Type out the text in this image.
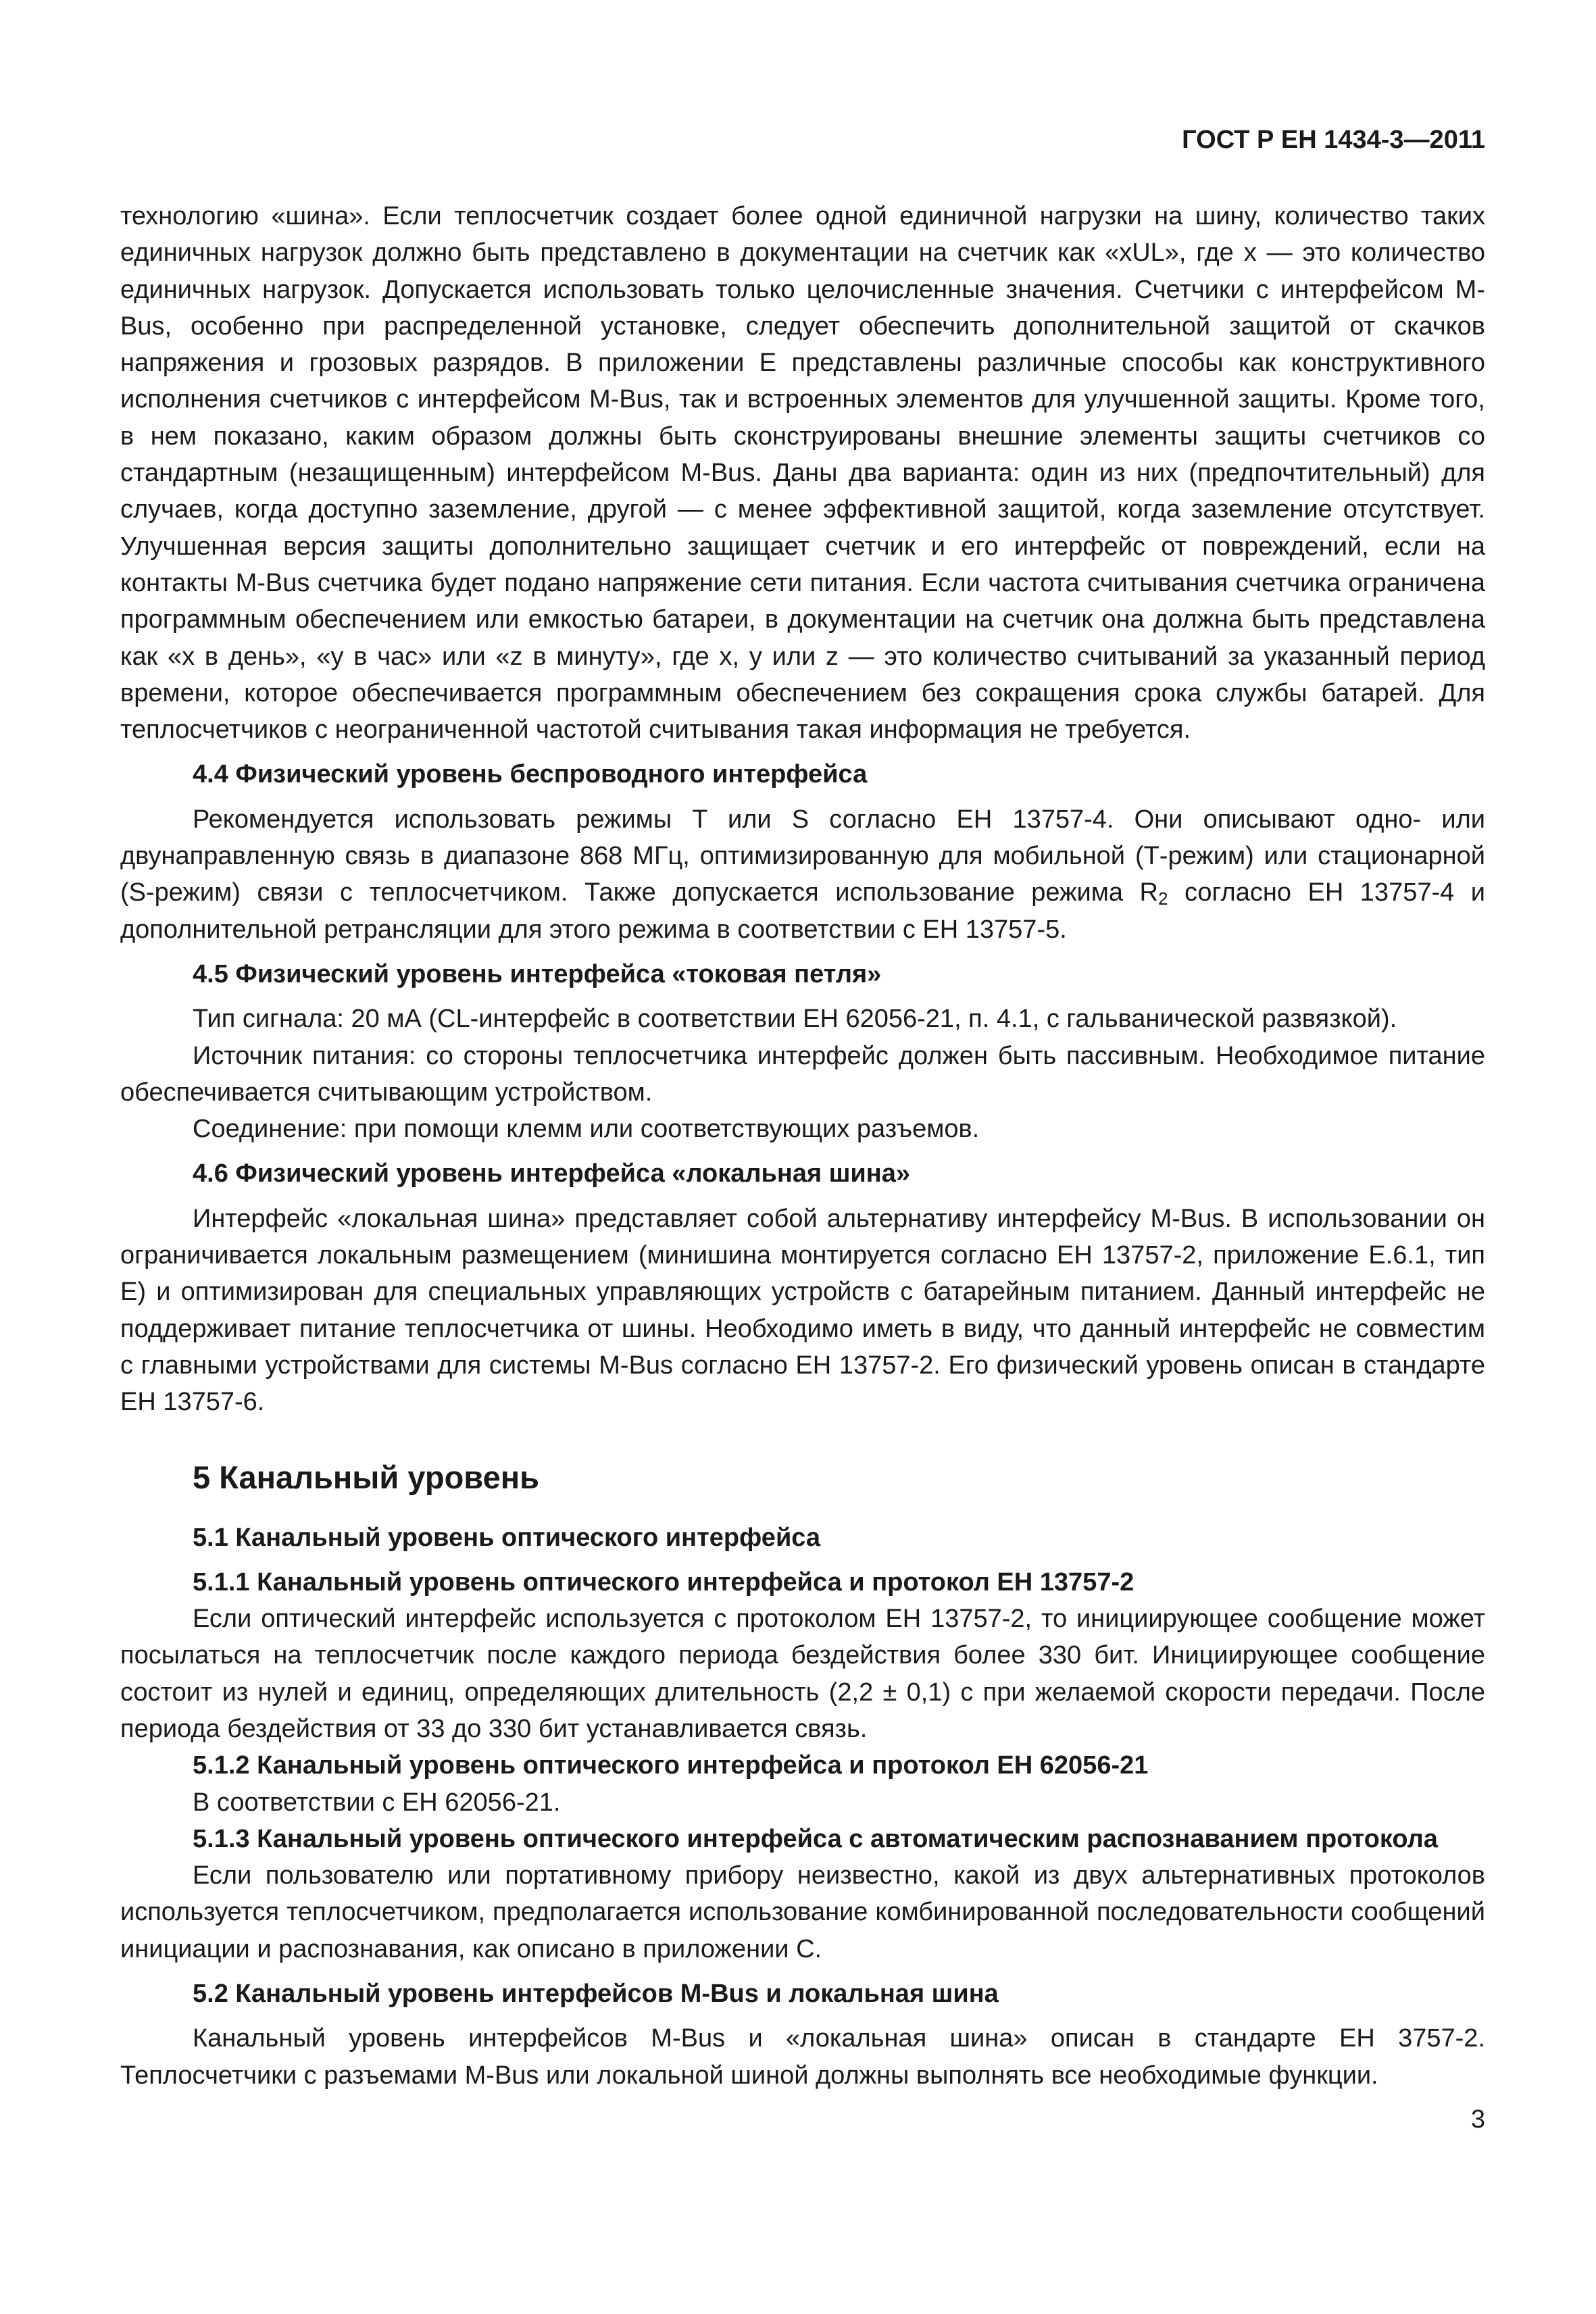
ГОСТ Р ЕН 1434-3—2011

технологию «шина». Если теплосчетчик создает более одной единичной нагрузки на шину, количество таких единичных нагрузок должно быть представлено в документации на счетчик как «xUL», где x — это количество единичных нагрузок. Допускается использовать только целочисленные значения. Счетчики с интерфейсом M-Bus, особенно при распределенной установке, следует обеспечить дополнительной защитой от скачков напряжения и грозовых разрядов. В приложении Е представлены различные способы как конструктивного исполнения счетчиков с интерфейсом M-Bus, так и встроенных элементов для улучшенной защиты. Кроме того, в нем показано, каким образом должны быть сконструированы внешние элементы защиты счетчиков со стандартным (незащищенным) интерфейсом M-Bus. Даны два варианта: один из них (предпочтительный) для случаев, когда доступно заземление, другой — с менее эффективной защитой, когда заземление отсутствует. Улучшенная версия защиты дополнительно защищает счетчик и его интерфейс от повреждений, если на контакты M-Bus счетчика будет подано напряжение сети питания. Если частота считывания счетчика ограничена программным обеспечением или емкостью батареи, в документации на счетчик она должна быть представлена как «x в день», «у в час» или «z в минуту», где x, у или z — это количество считываний за указанный период времени, которое обеспечивается программным обеспечением без сокращения срока службы батарей. Для теплосчетчиков с неограниченной частотой считывания такая информация не требуется.

4.4 Физический уровень беспроводного интерфейса

Рекомендуется использовать режимы T или S согласно ЕН 13757-4. Они описывают одно- или двунаправленную связь в диапазоне 868 МГц, оптимизированную для мобильной (Т-режим) или стационарной (S-режим) связи с теплосчетчиком. Также допускается использование режима $R_2$ согласно ЕН 13757-4 и дополнительной ретрансляции для этого режима в соответствии с ЕН 13757-5.

4.5 Физический уровень интерфейса «токовая петля»

Тип сигнала: 20 мА (CL-интерфейс в соответствии ЕН 62056-21, п. 4.1, с гальванической развязкой).

Источник питания: со стороны теплосчетчика интерфейс должен быть пассивным. Необходимое питание обеспечивается считывающим устройством.

Соединение: при помощи клемм или соответствующих разъемов.

4.6 Физический уровень интерфейса «локальная шина»

Интерфейс «локальная шина» представляет собой альтернативу интерфейсу M-Bus. В использовании он ограничивается локальным размещением (минишина монтируется согласно ЕН 13757-2, приложение Е.6.1, тип E) и оптимизирован для специальных управляющих устройств с батарейным питанием. Данный интерфейс не поддерживает питание теплосчетчика от шины. Необходимо иметь в виду, что данный интерфейс не совместим с главными устройствами для системы M-Bus согласно ЕН 13757-2. Его физический уровень описан в стандарте ЕН 13757-6.

5 Канальный уровень
5.1 Канальный уровень оптического интерфейса
5.1.1 Канальный уровень оптического интерфейса и протокол ЕН 13757-2

Если оптический интерфейс используется с протоколом ЕН 13757-2, то инициирующее сообщение может посылаться на теплосчетчик после каждого периода бездействия более 330 бит. Инициирующее сообщение состоит из нулей и единиц, определяющих длительность (2,2 ± 0,1) с при желаемой скорости передачи. После периода бездействия от 33 до 330 бит устанавливается связь.

5.1.2 Канальный уровень оптического интерфейса и протокол ЕН 62056-21

В соответствии с ЕН 62056-21.

5.1.3 Канальный уровень оптического интерфейса с автоматическим распознаванием протокола

Если пользователю или портативному прибору неизвестно, какой из двух альтернативных протоколов используется теплосчетчиком, предполагается использование комбинированной последовательности сообщений инициации и распознавания, как описано в приложении С.

5.2 Канальный уровень интерфейсов M-Bus и локальная шина

Канальный уровень интерфейсов M-Bus и «локальная шина» описан в стандарте ЕН 3757-2. Теплосчетчики с разъемами M-Bus или локальной шиной должны выполнять все необходимые функции.

3
